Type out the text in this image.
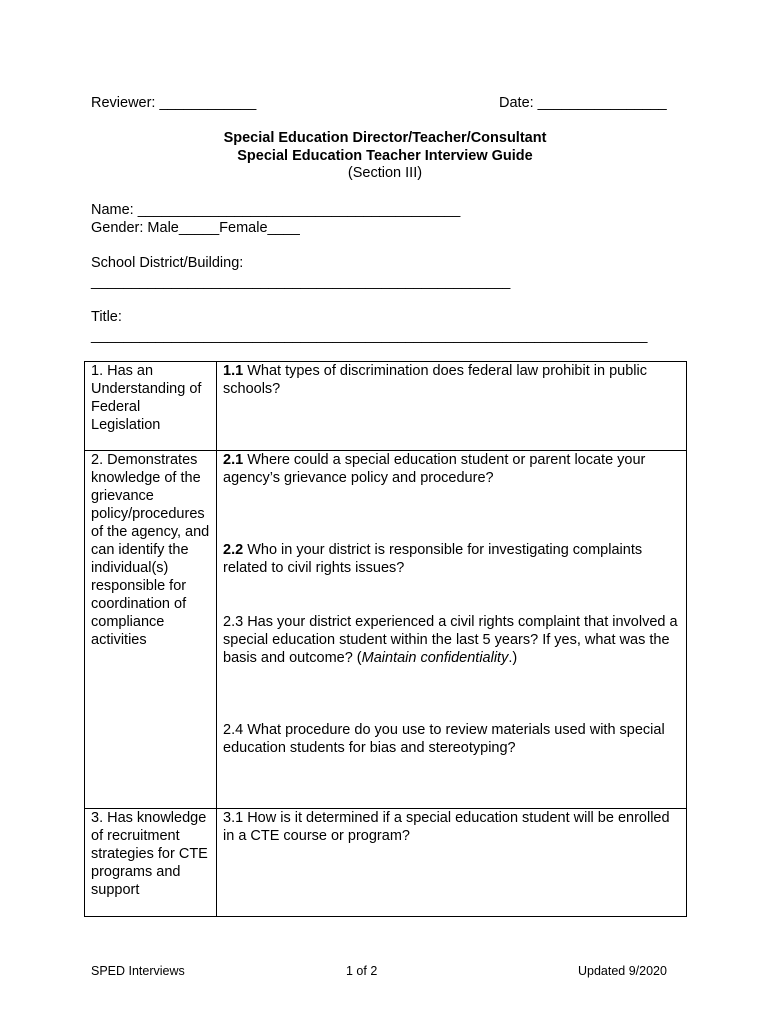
Reviewer: ____________	Date: ________________
Special Education Director/Teacher/Consultant
Special Education Teacher Interview Guide
(Section III)
Name: ________________________________________
Gender: Male_____Female____
School District/Building:
____________________________________________________
Title:
_____________________________________________________________________
1. Has an Understanding of Federal Legislation	1.1 What types of discrimination does federal law prohibit in public schools?

2. Demonstrates knowledge of the grievance policy/procedures of the agency, and can identify the individual(s) responsible for coordination of compliance activities	2.1 Where could a special education student or parent locate your agency’s grievance policy and procedure?

2.2 Who in your district is responsible for investigating complaints related to civil rights issues?

2.3 Has your district experienced a civil rights complaint that involved a special education student within the last 5 years? If yes, what was the basis and outcome? (Maintain confidentiality.)

2.4 What procedure do you use to review materials used with special education students for bias and stereotyping?

3. Has knowledge of recruitment strategies for CTE programs and support	3.1 How is it determined if a special education student will be enrolled in a CTE course or program?

SPED Interviews	1 of 2	Updated 9/2020
